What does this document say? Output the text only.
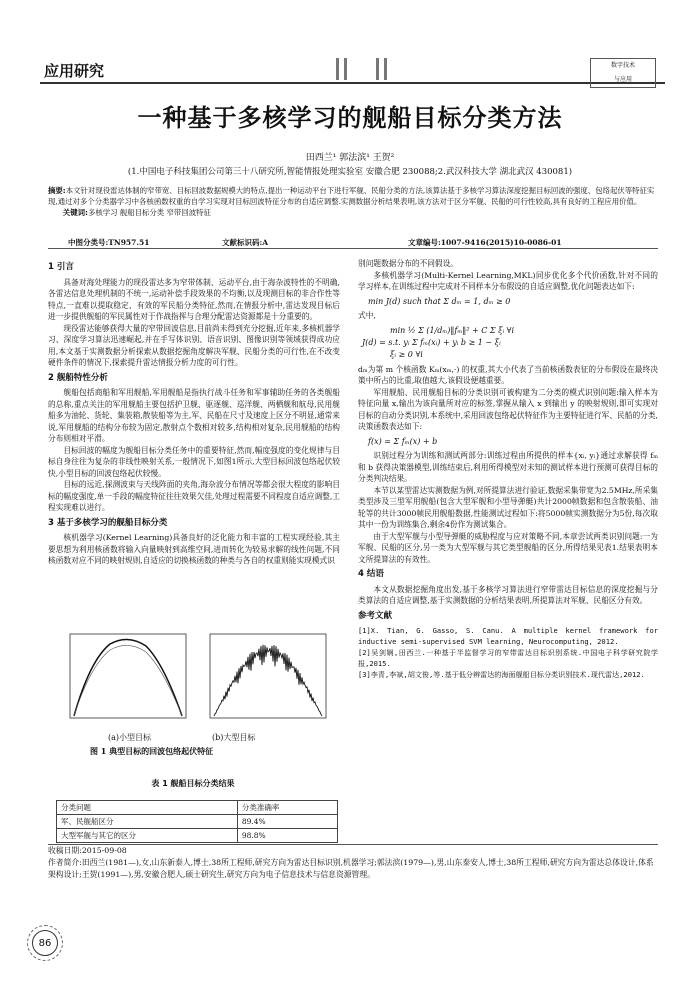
应用研究	数字技术
与应用
一种基于多核学习的舰船目标分类方法
田西兰¹ 郭法滨¹ 王贺²
(1.中国电子科技集团公司第三十八研究所,智能情报处理实验室 安徽合肥 230088;2.武汉科技大学 湖北武汉 430081)
摘要:本文针对现役雷达体制的窄带宽、目标回波数据规模大的特点,提出一种运动平台下进行军舰、民船分类的方法,该算法基于多核学习算法深度挖掘目标回波的强度、包络起伏等特征实现,通过对多个分类器学习中各核函数权重的自学习实现对目标回波特征分布的自适应调整.实测数据分析结果表明,该方法对于区分军舰、民船的可行性较高,具有良好的工程应用价值。
关键词:多核学习 舰船目标分类 窄带回波特征
中图分类号:TN957.51	文献标识码:A	文章编号:1007-9416(2015)10-0086-01
1 引言

具备对海处理能力的现役雷达多为窄带体制、运动平台,由于海杂波特性的不明确,各雷达信息处理机制的不统一,运动补偿手段效果的不均衡,以及现测目标的非合作性等特点,一直难以提取稳定、有效的军民船分类特征,然而,在情报分析中,雷达发现目标后进一步提供舰船的军民属性对于作战指挥与合理分配雷达资源都是十分重要的。

现役雷达能够获得大量的窄带回波信息,目前尚未得到充分挖掘,近年来,多核机器学习、深度学习算法迅速崛起,并在手写体识别、语音识别、图像识别等领域获得成功应用,本文基于实测数据分析探索从数据挖掘角度解决军舰、民船分类的可行性,在不改变硬件条件的情况下,探索提升雷达情报分析力度的可行性。

2 舰船特性分析

舰船包括商船和军用舰船,军用舰船是指执行战斗任务和军事辅助任务的各类舰船的总称,重点关注的军用舰船主要包括护卫舰、驱逐舰、巡洋舰、两栖舰和航母,民用舰船多为油轮、货轮、集装箱,散装船等为主,军、民船在尺寸及速度上区分不明显,通常来说,军用舰船的结构分布较为固定,散射点个数相对较多,结构相对复杂,民用舰船的结构分布则相对平滑。

目标回波的幅度为舰船目标分类任务中的重要特征,然而,幅度强度的变化规律与目标自身往往为复杂的非线性映射关系,一般情况下,如图1所示,大型目标回波包络起伏较快,小型目标的回波包络起伏较慢。

目标的远近,探测波束与天线阵面的夹角,海杂波分布情况等都会很大程度的影响目标的幅度强度,单一手段的幅度特征往往效果欠佳,处理过程需要不同程度自适应调整,工程实现难以进行。

3 基于多核学习的舰船目标分类

核机器学习(Kernel Learning)具备良好的泛化能力和丰富的工程实现经验,其主要思想为利用核函数将输入向量映射到高维空间,进而转化为较易求解的线性问题,不同核函数对应不同的映射规则,自适应的切换核函数的种类与各自的权重则能实现模式识

(a)小型目标	(b)大型目标
图 1 典型目标的回波包络起伏特征
表 1 舰船目标分类结果
分类问题	分类准确率
军、民舰船区分	89.4%
大型军舰与其它的区分	98.8%

别问题数据分布的不同假设。

多核机器学习(Multi-Kernel Learning,MKL)同步优化多个代价函数,针对不同的学习样本,在训练过程中完成对不同样本分布假设的自适应调整,优化问题表达如下:

min J(d) such that Σ dₘ = 1, dₘ ≥ 0

式中,

min ½ Σ (1/dₘ)‖fₘ‖² + C Σ ξᵢ ∀i
J(d) = s.t. yᵢ Σ fₘ(xᵢ) + yᵢ b ≥ 1 − ξᵢ
ξᵢ ≥ 0 ∀i

dₘ为第 m 个核函数 Kₘ(xₘ,·) 的权重,其大小代表了当前核函数表征的分布假设在最终决策中所占的比重,取值越大,该假设便越重要。

军用舰船、民用舰船目标的分类识别可被构建为二分类的模式识别问题:输入样本为特征向量 x,输出为该向量所对应的标签,掌握从输入 x 到输出 y 的映射规则,即可实现对目标的自动分类识别,本系统中,采用回波包络起伏特征作为主要特征进行军、民船的分类,决策函数表达如下:

f(x) = Σ fₘ(x) + b

识别过程分为训练和测试两部分:训练过程由所提供的样本{xᵢ, yᵢ}通过求解获得 fₘ 和 b 获得决策器模型,训练结束后,利用所得模型对未知的测试样本进行预测可获得目标的分类判决结果。

本节以某型雷达实测数据为例,对所提算法进行验证,数据采集带宽为2.5MHz,所采集类型涉及三型军用舰船(包含大型军舰和小型导弹艇)共计2000帧数据和包含散装船、油轮等的共计3000帧民用舰船数据,性能测试过程如下:将5000帧实测数据分为5份,每次取其中一份为训练集合,剩余4份作为测试集合。

由于大型军舰与小型导弹艇的威胁程度与应对策略不同,本章尝试两类识别问题:一为军舰、民船的区分,另一类为大型军舰与其它类型舰船的区分,所得结果见表1.结果表明本文所提算法的有效性。

4 结语

本文从数据挖掘角度出发,基于多核学习算法进行窄带雷达目标信息的深度挖掘与分类算法的自适应调整,基于实测数据的分析结果表明,所提算法对军舰、民船区分有效。

参考文献
[1]X. Tian, G. Gasso, S. Canu. A multiple kernel framework for inductive semi-supervised SVM learning, Neurocomputing, 2012.
[2]吴剑娴,田西兰.一种基于半监督学习的窄带雷达目标识别系统.中国电子科学研究院学报,2015.
[3]李青,李斌,胡文俊,等.基于低分辨雷达的海面舰船目标分类识别技术.现代雷达,2012.
收稿日期:2015-09-08
作者简介:田西兰(1981—),女,山东新泰人,博士,38所工程师,研究方向为雷达目标识别,机器学习;郭法滨(1979—),男,山东泰安人,博士,38所工程师,研究方向为雷达总体设计,体系架构设计;王贺(1991—),男,安徽合肥人,硕士研究生,研究方向为电子信息技术与信息资源管理。
86
